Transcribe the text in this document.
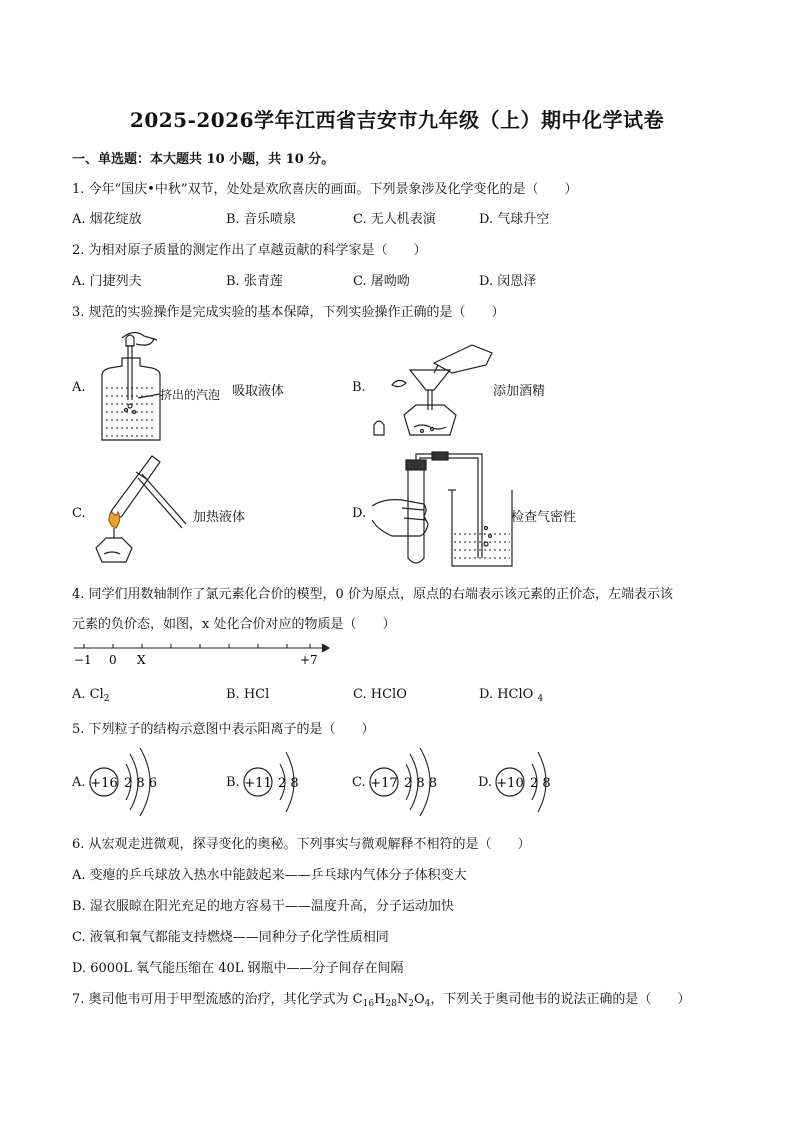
2025-2026学年江西省吉安市九年级（上）期中化学试卷
一、单选题：本大题共 10 小题，共 10 分。
1. 今年“国庆•中秋”双节，处处是欢欣喜庆的画面。下列景象涉及化学变化的是（　　）
A. 烟花绽放	B. 音乐喷泉	C. 无人机表演	D. 气球升空
2. 为相对原子质量的测定作出了卓越贡献的科学家是（　　）
A. 门捷列夫	B. 张青莲	C. 屠呦呦	D. 闵恩泽
3. 规范的实验操作是完成实验的基本保障，下列实验操作正确的是（　　）
A.	挤出的汽泡 吸取液体	B.	添加酒精
C.	加热液体	D.	检查气密性
4. 同学们用数轴制作了氯元素化合价的模型，0 价为原点，原点的右端表示该元素的正价态，左端表示该
元素的负价态，如图，x 处化合价对应的物质是（　　）
−1 0 X	+7
A. $Cl_2$	B. HCl	C. HClO	D. HClO $_4$
5. 下列粒子的结构示意图中表示阳离子的是（　　）
A. +16 2 8 6	B. +11 2 8	C. +17 2 8 8	D. +10 2 8
6. 从宏观走进微观，探寻变化的奥秘。下列事实与微观解释不相符的是（　　）
A. 变瘪的乒乓球放入热水中能鼓起来——乒乓球内气体分子体积变大
B. 湿衣服晾在阳光充足的地方容易干——温度升高，分子运动加快
C. 液氧和氧气都能支持燃烧——同种分子化学性质相同
D. 6000L 氧气能压缩在 40L 钢瓶中——分子间存在间隔
7. 奥司他韦可用于甲型流感的治疗，其化学式为 $C_{16}H_{28}N_2O_4$，下列关于奥司他韦的说法正确的是（　　）
